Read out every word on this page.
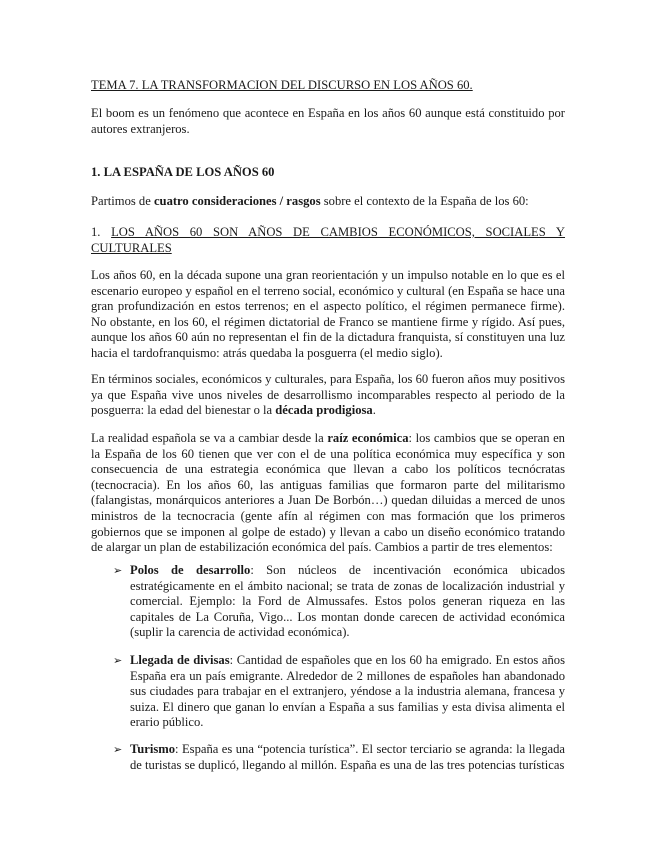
TEMA 7. LA TRANSFORMACION DEL DISCURSO EN LOS AÑOS 60.

El boom es un fenómeno que acontece en España en los años 60 aunque está constituido por autores extranjeros.

1. LA ESPAÑA DE LOS AÑOS 60

Partimos de cuatro consideraciones / rasgos sobre el contexto de la España de los 60:

1. LOS AÑOS 60 SON AÑOS DE CAMBIOS ECONÓMICOS, SOCIALES Y CULTURALES

Los años 60, en la década supone una gran reorientación y un impulso notable en lo que es el escenario europeo y español en el terreno social, económico y cultural (en España se hace una gran profundización en estos terrenos; en el aspecto político, el régimen permanece firme). No obstante, en los 60, el régimen dictatorial de Franco se mantiene firme y rígido. Así pues, aunque los años 60 aún no representan el fin de la dictadura franquista, sí constituyen una luz hacia el tardofranquismo: atrás quedaba la posguerra (el medio siglo).

En términos sociales, económicos y culturales, para España, los 60 fueron años muy positivos ya que España vive unos niveles de desarrollismo incomparables respecto al periodo de la posguerra: la edad del bienestar o la década prodigiosa.

La realidad española se va a cambiar desde la raíz económica: los cambios que se operan en la España de los 60 tienen que ver con el de una política económica muy específica y son consecuencia de una estrategia económica que llevan a cabo los políticos tecnócratas (tecnocracia). En los años 60, las antiguas familias que formaron parte del militarismo (falangistas, monárquicos anteriores a Juan De Borbón…) quedan diluidas a merced de unos ministros de la tecnocracia (gente afín al régimen con mas formación que los primeros gobiernos que se imponen al golpe de estado) y llevan a cabo un diseño económico tratando de alargar un plan de estabilización económica del país. Cambios a partir de tres elementos:

➢ Polos de desarrollo: Son núcleos de incentivación económica ubicados estratégicamente en el ámbito nacional; se trata de zonas de localización industrial y comercial. Ejemplo: la Ford de Almussafes. Estos polos generan riqueza en las capitales de La Coruña, Vigo... Los montan donde carecen de actividad económica (suplir la carencia de actividad económica).

➢ Llegada de divisas: Cantidad de españoles que en los 60 ha emigrado. En estos años España era un país emigrante. Alrededor de 2 millones de españoles han abandonado sus ciudades para trabajar en el extranjero, yéndose a la industria alemana, francesa y suiza. El dinero que ganan lo envían a España a sus familias y esta divisa alimenta el erario público.

➢ Turismo: España es una “potencia turística”. El sector terciario se agranda: la llegada de turistas se duplicó, llegando al millón. España es una de las tres potencias turísticas
